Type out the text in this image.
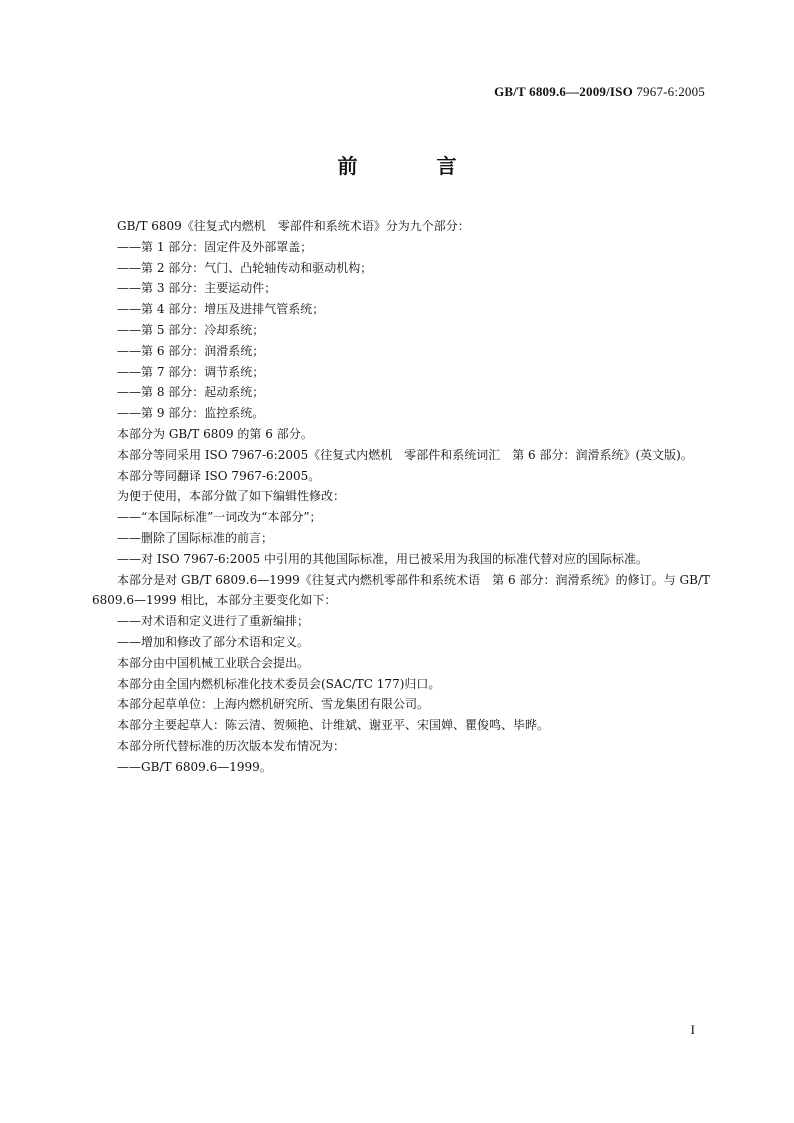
GB/T 6809.6—2009/ISO 7967-6:2005
前 言

GB/T 6809《往复式内燃机　零部件和系统术语》分为九个部分：

——第 1 部分：固定件及外部罩盖；

——第 2 部分：气门、凸轮轴传动和驱动机构；

——第 3 部分：主要运动件；

——第 4 部分：增压及进排气管系统；

——第 5 部分：冷却系统；

——第 6 部分：润滑系统；

——第 7 部分：调节系统；

——第 8 部分：起动系统；

——第 9 部分：监控系统。

本部分为 GB/T 6809 的第 6 部分。

本部分等同采用 ISO 7967-6:2005《往复式内燃机　零部件和系统词汇　第 6 部分：润滑系统》(英文版)。

本部分等同翻译 ISO 7967-6:2005。

为便于使用，本部分做了如下编辑性修改：

——“本国际标准”一词改为“本部分”；

——删除了国际标准的前言；

——对 ISO 7967-6:2005 中引用的其他国际标准，用已被采用为我国的标准代替对应的国际标准。

本部分是对 GB/T 6809.6—1999《往复式内燃机零部件和系统术语　第 6 部分：润滑系统》的修订。与 GB/T 6809.6—1999 相比，本部分主要变化如下：

——对术语和定义进行了重新编排；

——增加和修改了部分术语和定义。

本部分由中国机械工业联合会提出。

本部分由全国内燃机标准化技术委员会(SAC/TC 177)归口。

本部分起草单位：上海内燃机研究所、雪龙集团有限公司。

本部分主要起草人：陈云清、贺频艳、计维斌、谢亚平、宋国婵、瞿俊鸣、毕晔。

本部分所代替标准的历次版本发布情况为：

——GB/T 6809.6—1999。

I
